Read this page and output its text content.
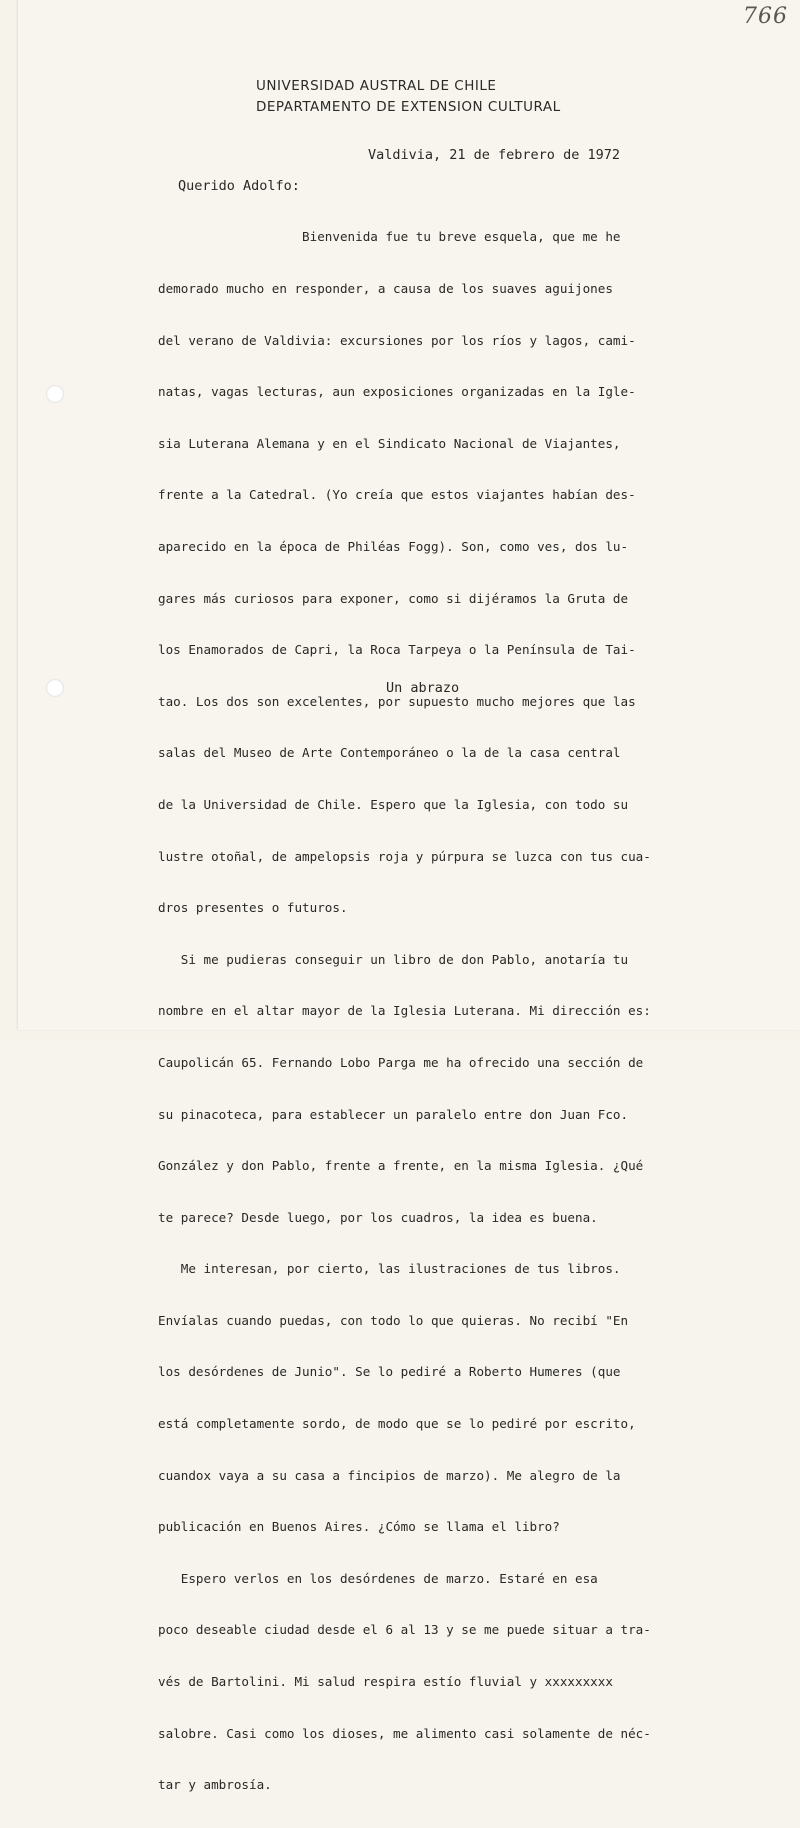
766
UNIVERSIDAD AUSTRAL DE CHILE
DEPARTAMENTO DE EXTENSION CULTURAL
Valdivia, 21 de febrero de 1972
Querido Adolfo:

Bienvenida fue tu breve esquela, que me he

demorado mucho en responder, a causa de los suaves aguijones

del verano de Valdivia: excursiones por los ríos y lagos, cami-

natas, vagas lecturas, aun exposiciones organizadas en la Igle-

sia Luterana Alemana y en el Sindicato Nacional de Viajantes,

frente a la Catedral. (Yo creía que estos viajantes habían des-

aparecido en la época de Philéas Fogg). Son, como ves, dos lu-

gares más curiosos para exponer, como si dijéramos la Gruta de

los Enamorados de Capri, la Roca Tarpeya o la Península de Tai-

tao. Los dos son excelentes, por supuesto mucho mejores que las

salas del Museo de Arte Contemporáneo o la de la casa central

de la Universidad de Chile. Espero que la Iglesia, con todo su

lustre otoñal, de ampelopsis roja y púrpura se luzca con tus cua-

dros presentes o futuros.

Si me pudieras conseguir un libro de don Pablo, anotaría tu

nombre en el altar mayor de la Iglesia Luterana. Mi dirección es:

Caupolicán 65. Fernando Lobo Parga me ha ofrecido una sección de

su pinacoteca, para establecer un paralelo entre don Juan Fco.

González y don Pablo, frente a frente, en la misma Iglesia. ¿Qué

te parece? Desde luego, por los cuadros, la idea es buena.

Me interesan, por cierto, las ilustraciones de tus libros.

Envíalas cuando puedas, con todo lo que quieras. No recibí "En

los desórdenes de Junio". Se lo pediré a Roberto Humeres (que

está completamente sordo, de modo que se lo pediré por escrito,

cuandox vaya a su casa a fincipios de marzo). Me alegro de la

publicación en Buenos Aires. ¿Cómo se llama el libro?

Espero verlos en los desórdenes de marzo. Estaré en esa

poco deseable ciudad desde el 6 al 13 y se me puede situar a tra-

vés de Bartolini. Mi salud respira estío fluvial y xxxxxxxxx

salobre. Casi como los dioses, me alimento casi solamente de néc-

tar y ambrosía.

Un abrazo
